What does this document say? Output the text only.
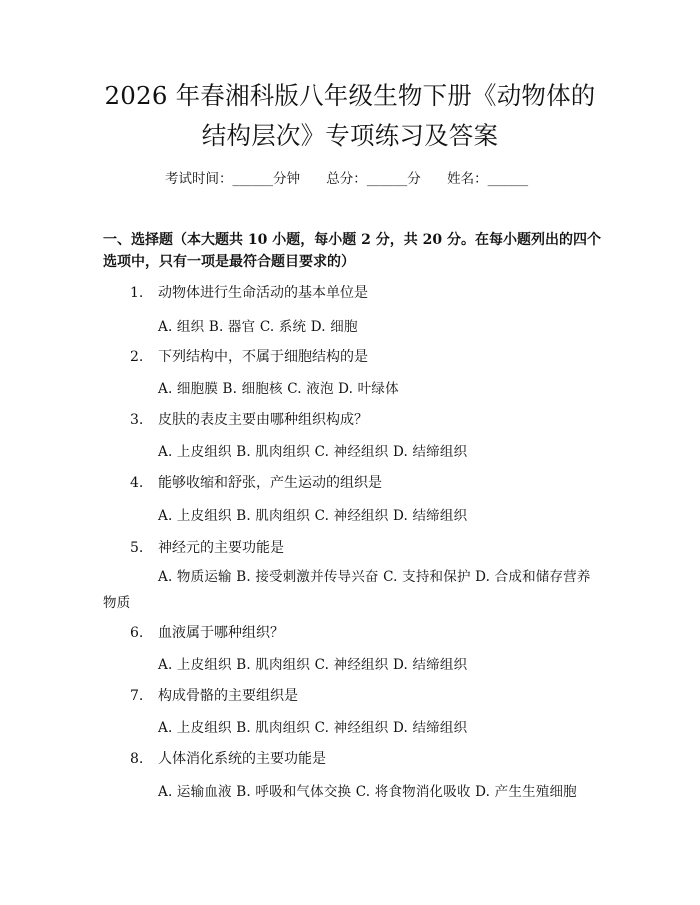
2026 年春湘科版八年级生物下册《动物体的
结构层次》专项练习及答案
考试时间：______分钟 总分：______分 姓名：______
一、选择题（本大题共 10 小题，每小题 2 分，共 20 分。在每小题列出的四个选项中，只有一项是最符合题目要求的）
1. 动物体进行生命活动的基本单位是
A. 组织 B. 器官 C. 系统 D. 细胞
2. 下列结构中，不属于细胞结构的是
A. 细胞膜 B. 细胞核 C. 液泡 D. 叶绿体
3. 皮肤的表皮主要由哪种组织构成？
A. 上皮组织 B. 肌肉组织 C. 神经组织 D. 结缔组织
4. 能够收缩和舒张，产生运动的组织是
A. 上皮组织 B. 肌肉组织 C. 神经组织 D. 结缔组织
5. 神经元的主要功能是
A. 物质运输 B. 接受刺激并传导兴奋 C. 支持和保护 D. 合成和储存营养物质
6. 血液属于哪种组织？
A. 上皮组织 B. 肌肉组织 C. 神经组织 D. 结缔组织
7. 构成骨骼的主要组织是
A. 上皮组织 B. 肌肉组织 C. 神经组织 D. 结缔组织
8. 人体消化系统的主要功能是
A. 运输血液 B. 呼吸和气体交换 C. 将食物消化吸收 D. 产生生殖细胞
